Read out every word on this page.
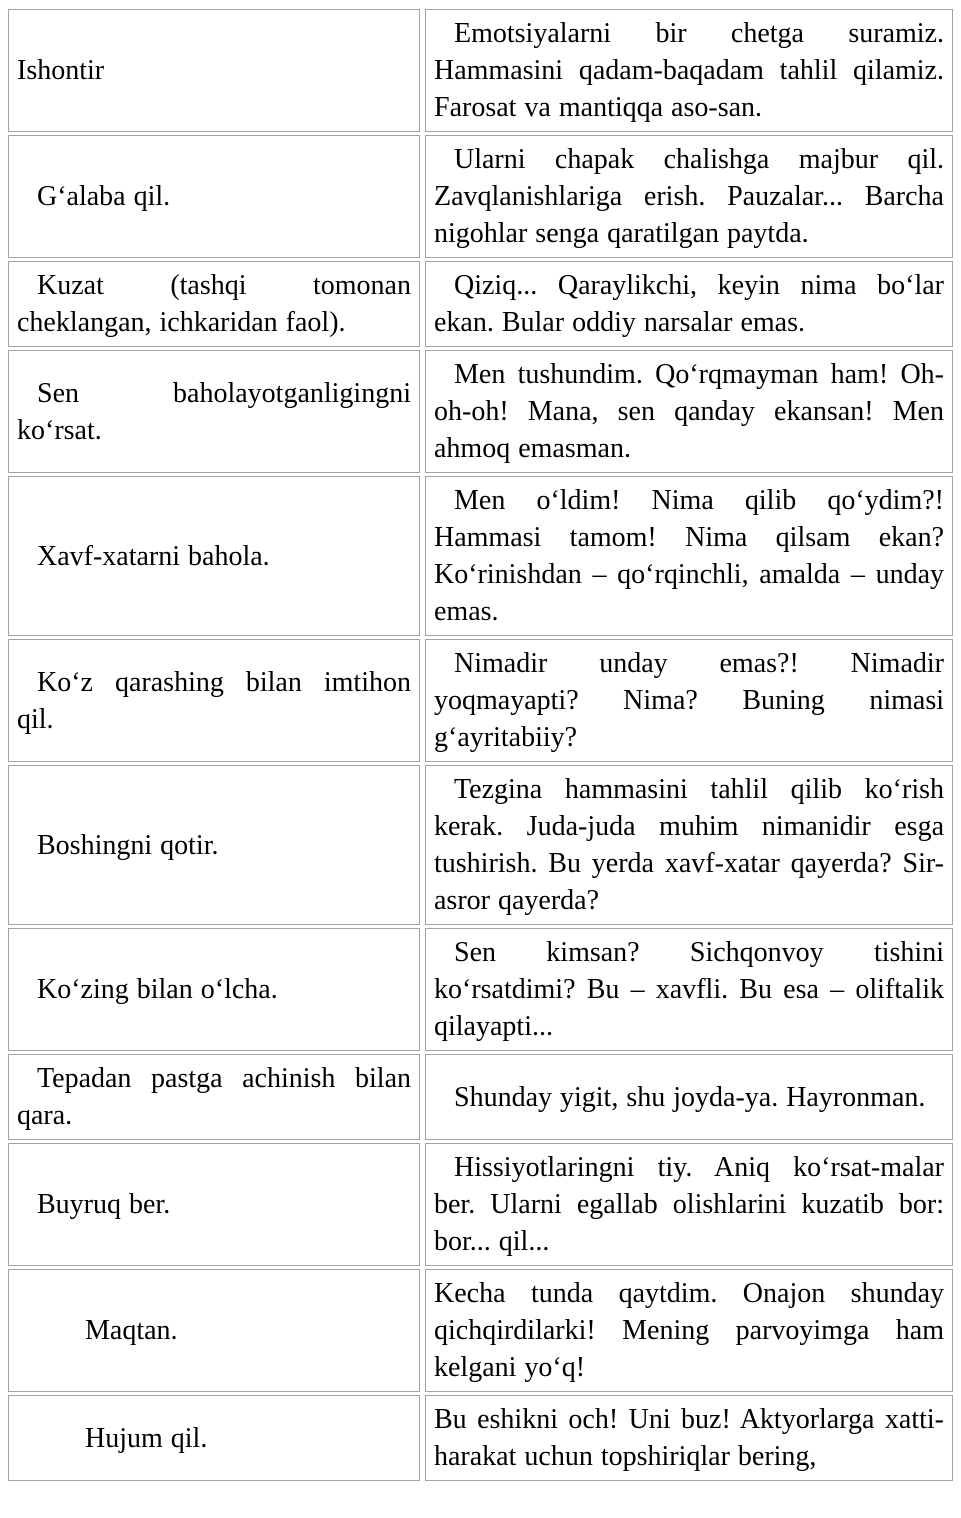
Ishontir	Emotsiyalarni bir chetga suramiz. Hammasini qadam-baqadam tahlil qilamiz. Farosat va mantiqqa aso-san.
G‘alaba qil.	Ularni chapak chalishga majbur qil. Zavqlanishlariga erish. Pauzalar... Barcha nigohlar senga qaratilgan paytda.
Kuzat (tashqi tomonan cheklangan, ichkaridan faol).	Qiziq... Qaraylikchi, keyin nima bo‘lar ekan. Bular oddiy narsalar emas.
Sen baholayotganligingni ko‘rsat.	Men tushundim. Qo‘rqmayman ham! Oh-oh-oh! Mana, sen qanday ekansan! Men ahmoq emasman.
Xavf-xatarni bahola.	Men o‘ldim! Nima qilib qo‘ydim?! Hammasi tamom! Nima qilsam ekan? Ko‘rinishdan – qo‘rqinchli, amalda – unday emas.
Ko‘z qarashing bilan imtihon qil.	Nimadir unday emas?! Nimadir yoqmayapti? Nima? Buning nimasi g‘ayritabiiy?
Boshingni qotir.	Tezgina hammasini tahlil qilib ko‘rish kerak. Juda-juda muhim nimanidir esga tushirish. Bu yerda xavf-xatar qayerda? Sir-asror qayerda?
Ko‘zing bilan o‘lcha.	Sen kimsan? Sichqonvoy tishini ko‘rsatdimi? Bu – xavfli. Bu esa – oliftalik qilayapti...
Tepadan pastga achinish bilan qara.	Shunday yigit, shu joyda-ya. Hayronman.
Buyruq ber.	Hissiyotlaringni tiy. Aniq ko‘rsat-malar ber. Ularni egallab olishlarini kuzatib bor: bor... qil...
Maqtan.	Kecha tunda qaytdim. Onajon shunday qichqirdilarki! Mening parvoyimga ham kelgani yo‘q!
Hujum qil.	Bu eshikni och! Uni buz! Aktyorlarga xatti-harakat uchun topshiriqlar bering,
